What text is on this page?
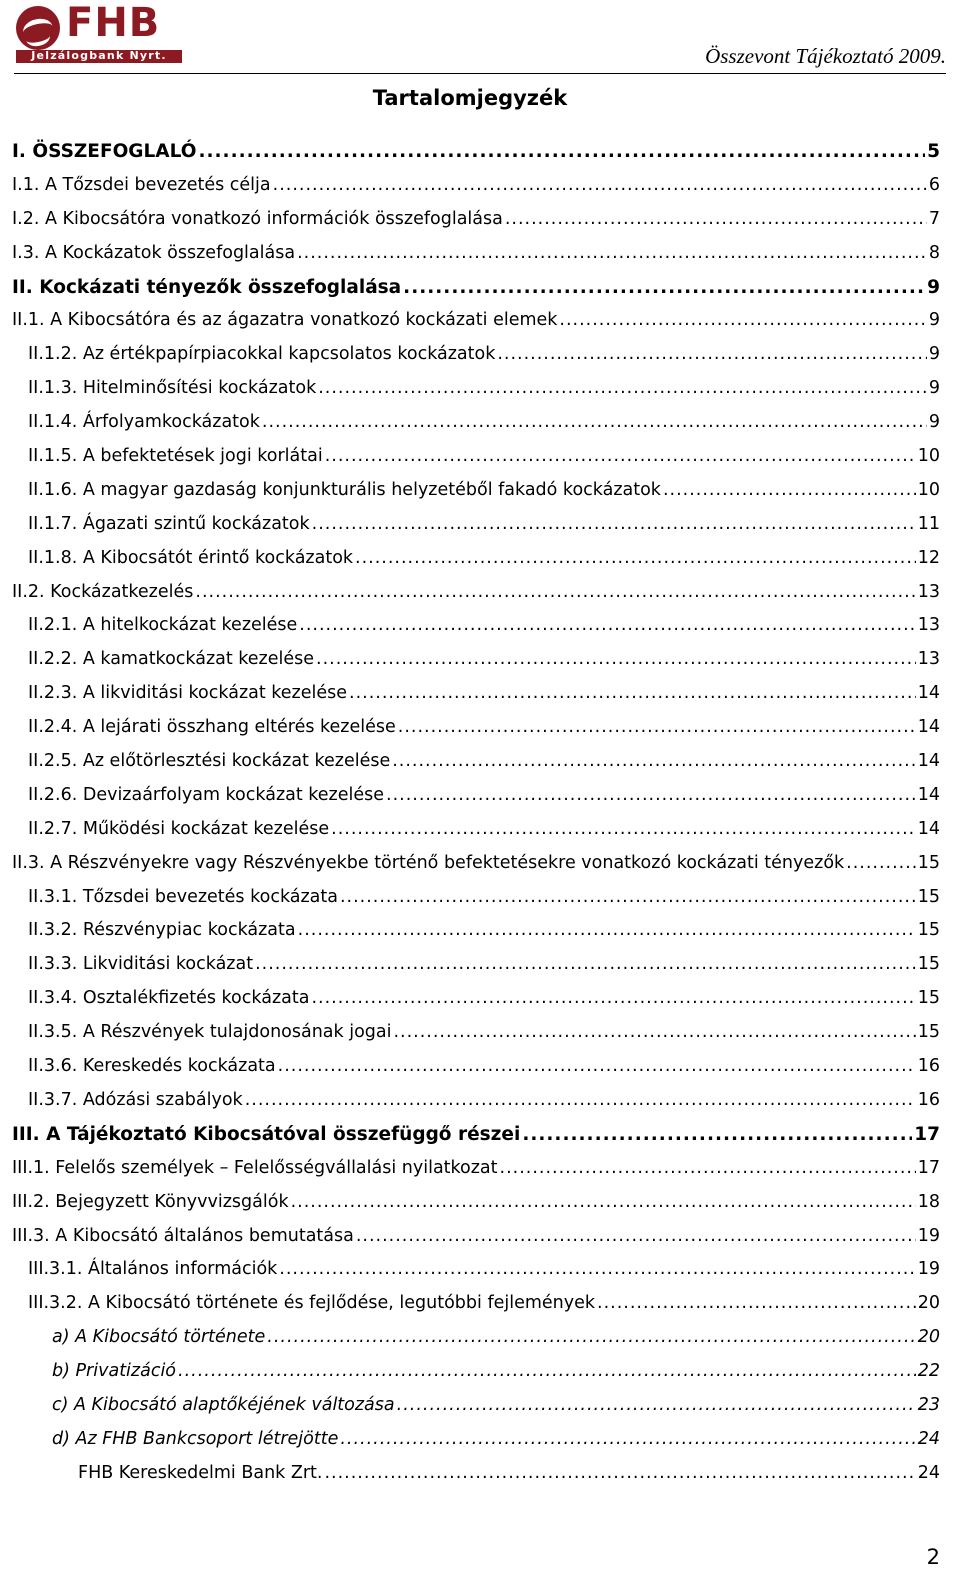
FHB
Jelzálogbank Nyrt.	Összevont Tájékoztató 2009.
Tartalomjegyzék
I. ÖSSZEFOGLALÓ .....	5
I.1. A Tőzsdei bevezetés célja .....	6
I.2. A Kibocsátóra vonatkozó információk összefoglalása .....	7
I.3. A Kockázatok összefoglalása .....	8
II. Kockázati tényezők összefoglalása .....	9
II.1. A Kibocsátóra és az ágazatra vonatkozó kockázati elemek .....	9
II.1.2. Az értékpapírpiacokkal kapcsolatos kockázatok .....	9
II.1.3. Hitelminősítési kockázatok .....	9
II.1.4. Árfolyamkockázatok .....	9
II.1.5. A befektetések jogi korlátai .....	10
II.1.6. A magyar gazdaság konjunkturális helyzetéből fakadó kockázatok .....	10
II.1.7. Ágazati szintű kockázatok .....	11
II.1.8. A Kibocsátót érintő kockázatok .....	12
II.2. Kockázatkezelés .....	13
II.2.1. A hitelkockázat kezelése .....	13
II.2.2. A kamatkockázat kezelése .....	13
II.2.3. A likviditási kockázat kezelése .....	14
II.2.4. A lejárati összhang eltérés kezelése .....	14
II.2.5. Az előtörlesztési kockázat kezelése .....	14
II.2.6. Devizaárfolyam kockázat kezelése .....	14
II.2.7. Működési kockázat kezelése .....	14
II.3. A Részvényekre vagy Részvényekbe történő befektetésekre vonatkozó kockázati tényezők .....	15
II.3.1. Tőzsdei bevezetés kockázata .....	15
II.3.2. Részvénypiac kockázata .....	15
II.3.3. Likviditási kockázat .....	15
II.3.4. Osztalékfizetés kockázata .....	15
II.3.5. A Részvények tulajdonosának jogai .....	15
II.3.6. Kereskedés kockázata .....	16
II.3.7. Adózási szabályok .....	16
III. A Tájékoztató Kibocsátóval összefüggő részei .....	17
III.1. Felelős személyek – Felelősségvállalási nyilatkozat .....	17
III.2. Bejegyzett Könyvvizsgálók .....	18
III.3. A Kibocsátó általános bemutatása .....	19
III.3.1. Általános információk .....	19
III.3.2. A Kibocsátó története és fejlődése, legutóbbi fejlemények .....	20
a) A Kibocsátó története .....	20
b) Privatizáció .....	22
c) A Kibocsátó alaptőkéjének változása .....	23
d) Az FHB Bankcsoport létrejötte .....	24
FHB Kereskedelmi Bank Zrt. .....	24
2
